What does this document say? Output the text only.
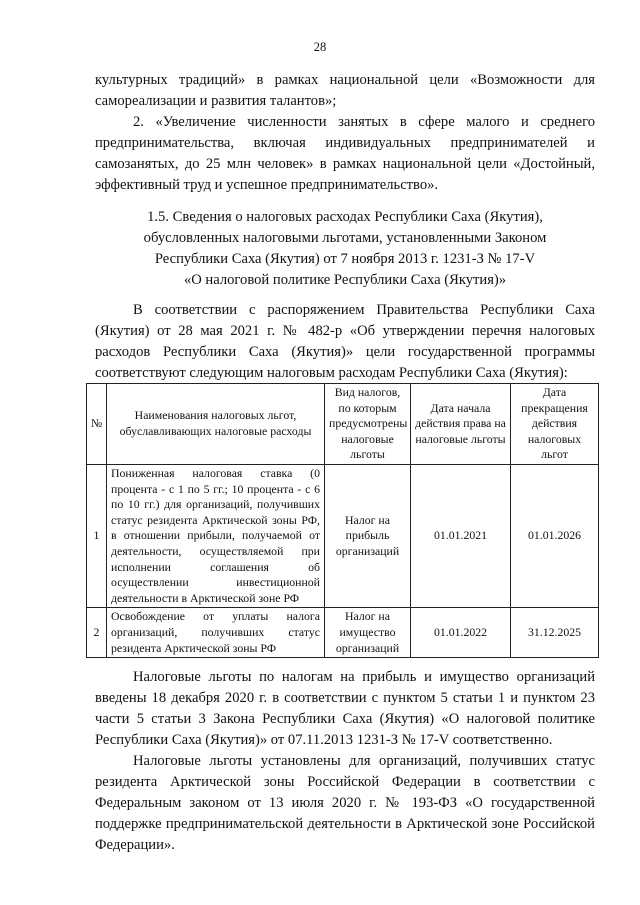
28

культурных традиций» в рамках национальной цели «Возможности для самореализации и развития талантов»;

2. «Увеличение численности занятых в сфере малого и среднего предпринимательства, включая индивидуальных предпринимателей и самозанятых, до 25 млн человек» в рамках национальной цели «Достойный, эффективный труд и успешное предпринимательство».

1.5. Сведения о налоговых расходах Республики Саха (Якутия),
обусловленных налоговыми льготами, установленными Законом
Республики Саха (Якутия) от 7 ноября 2013 г. 1231-З № 17-V
«О налоговой политике Республики Саха (Якутия)»

В соответствии с распоряжением Правительства Республики Саха (Якутия) от 28 мая 2021 г. № 482-р «Об утверждении перечня налоговых расходов Республики Саха (Якутия)» цели государственной программы соответствуют следующим налоговым расходам Республики Саха (Якутия):

№	Наименования налоговых льгот, обуславливающих налоговые расходы	Вид налогов, по которым предусмотрены налоговые льготы	Дата начала действия права на налоговые льготы	Дата прекращения действия налоговых льгот
1	Пониженная налоговая ставка (0 процента - с 1 по 5 гг.; 10 процента - с 6 по 10 гг.) для организаций, получивших статус резидента Арктической зоны РФ, в отношении прибыли, получаемой от деятельности, осуществляемой при исполнении соглашения об осуществлении инвестиционной деятельности в Арктической зоне РФ	Налог на прибыль организаций	01.01.2021	01.01.2026
2	Освобождение от уплаты налога организаций, получивших статус резидента Арктической зоны РФ	Налог на имущество организаций	01.01.2022	31.12.2025

Налоговые льготы по налогам на прибыль и имущество организаций введены 18 декабря 2020 г. в соответствии с пунктом 5 статьи 1 и пунктом 23 части 5 статьи 3 Закона Республики Саха (Якутия) «О налоговой политике Республики Саха (Якутия)» от 07.11.2013 1231-З № 17-V соответственно.

Налоговые льготы установлены для организаций, получивших статус резидента Арктической зоны Российской Федерации в соответствии с Федеральным законом от 13 июля 2020 г. № 193-ФЗ «О государственной поддержке предпринимательской деятельности в Арктической зоне Российской Федерации».
